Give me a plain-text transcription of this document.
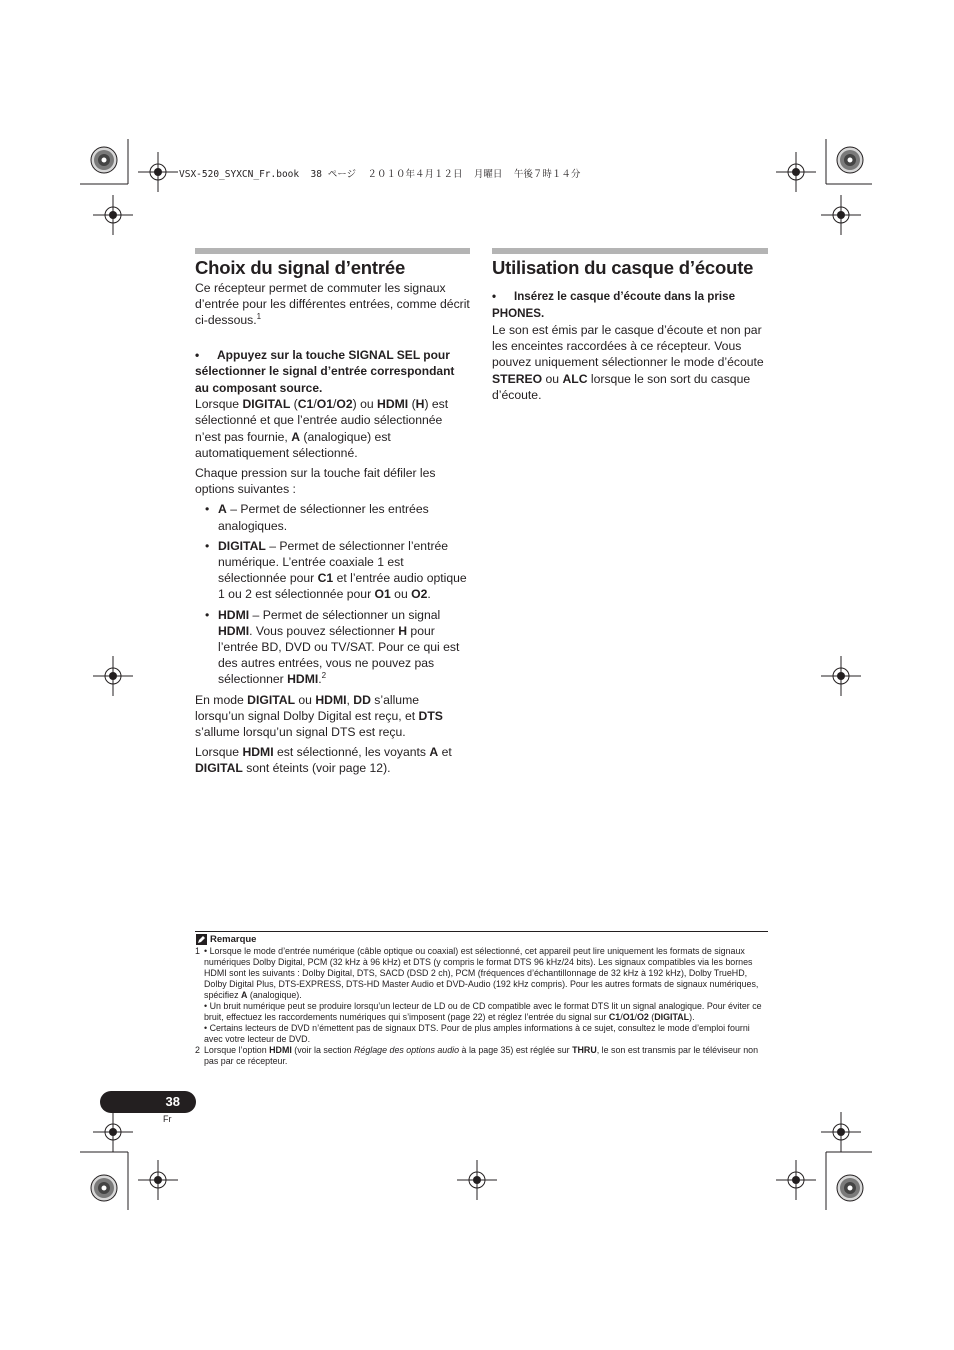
VSX-520_SYXCN_Fr.book  38 ページ  ２０１０年４月１２日  月曜日  午後７時１４分
Choix du signal d’entrée

Ce récepteur permet de commuter les signaux d’entrée pour les différentes entrées, comme décrit ci-dessous.$^1$

• Appuyez sur la touche SIGNAL SEL pour sélectionner le signal d’entrée correspondant au composant source.

Lorsque DIGITAL (C1/O1/O2) ou HDMI (H) est sélectionné et que l’entrée audio sélectionnée n’est pas fournie, A (analogique) est automatiquement sélectionné.

Chaque pression sur la touche fait défiler les options suivantes :

• A – Permet de sélectionner les entrées analogiques.
• DIGITAL – Permet de sélectionner l’entrée numérique. L’entrée coaxiale 1 est sélectionnée pour C1 et l’entrée audio optique 1 ou 2 est sélectionnée pour O1 ou O2.
• HDMI – Permet de sélectionner un signal HDMI. Vous pouvez sélectionner H pour l’entrée BD, DVD ou TV/SAT. Pour ce qui est des autres entrées, vous ne pouvez pas sélectionner HDMI.$^2$

En mode DIGITAL ou HDMI, DD s’allume lorsqu’un signal Dolby Digital est reçu, et DTS s’allume lorsqu’un signal DTS est reçu.

Lorsque HDMI est sélectionné, les voyants A et DIGITAL sont éteints (voir page 12).

Utilisation du casque d’écoute
• Insérez le casque d’écoute dans la prise PHONES.

Le son est émis par le casque d’écoute et non par les enceintes raccordées à ce récepteur. Vous pouvez uniquement sélectionner le mode d’écoute STEREO ou ALC lorsque le son sort du casque d’écoute.

Remarque
1 • Lorsque le mode d’entrée numérique (câble optique ou coaxial) est sélectionné, cet appareil peut lire uniquement les formats de signaux numériques Dolby Digital, PCM (32 kHz à 96 kHz) et DTS (y compris le format DTS 96 kHz/24 bits). Les signaux compatibles via les bornes HDMI sont les suivants : Dolby Digital, DTS, SACD (DSD 2 ch), PCM (fréquences d’échantillonnage de 32 kHz à 192 kHz), Dolby TrueHD, Dolby Digital Plus, DTS-EXPRESS, DTS-HD Master Audio et DVD-Audio (192 kHz compris). Pour les autres formats de signaux numériques, spécifiez A (analogique).
• Un bruit numérique peut se produire lorsqu’un lecteur de LD ou de CD compatible avec le format DTS lit un signal analogique. Pour éviter ce bruit, effectuez les raccordements numériques qui s’imposent (page 22) et réglez l’entrée du signal sur C1/O1/O2 (DIGITAL).
• Certains lecteurs de DVD n’émettent pas de signaux DTS. Pour de plus amples informations à ce sujet, consultez le mode d’emploi fourni avec votre lecteur de DVD.
2 Lorsque l’option HDMI (voir la section Réglage des options audio à la page 35) est réglée sur THRU, le son est transmis par le téléviseur non pas par ce récepteur.
38
Fr
